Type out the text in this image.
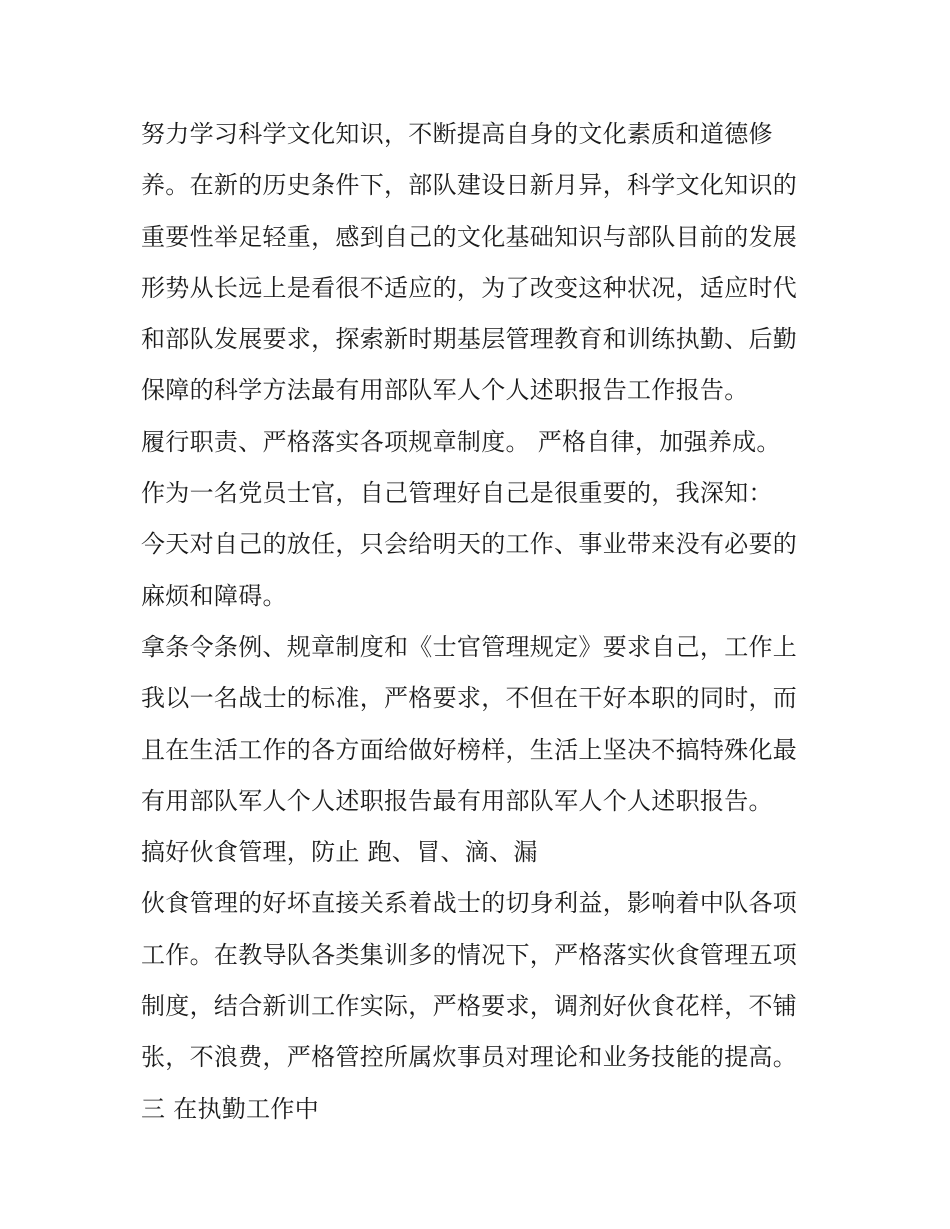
努力学习科学文化知识，不断提高自身的文化素质和道德修
养。在新的历史条件下，部队建设日新月异，科学文化知识的
重要性举足轻重，感到自己的文化基础知识与部队目前的发展
形势从长远上是看很不适应的，为了改变这种状况，适应时代
和部队发展要求，探索新时期基层管理教育和训练执勤、后勤
保障的科学方法最有用部队军人个人述职报告工作报告。
履行职责、严格落实各项规章制度。 严格自律，加强养成。
作为一名党员士官，自己管理好自己是很重要的，我深知：
今天对自己的放任，只会给明天的工作、事业带来没有必要的
麻烦和障碍。
拿条令条例、规章制度和《士官管理规定》要求自己，工作上
我以一名战士的标准，严格要求，不但在干好本职的同时，而
且在生活工作的各方面给做好榜样，生活上坚决不搞特殊化最
有用部队军人个人述职报告最有用部队军人个人述职报告。
搞好伙食管理，防止 跑、冒、滴、漏
伙食管理的好坏直接关系着战士的切身利益，影响着中队各项
工作。在教导队各类集训多的情况下，严格落实伙食管理五项
制度，结合新训工作实际，严格要求，调剂好伙食花样，不铺
张，不浪费，严格管控所属炊事员对理论和业务技能的提高。
三 在执勤工作中
